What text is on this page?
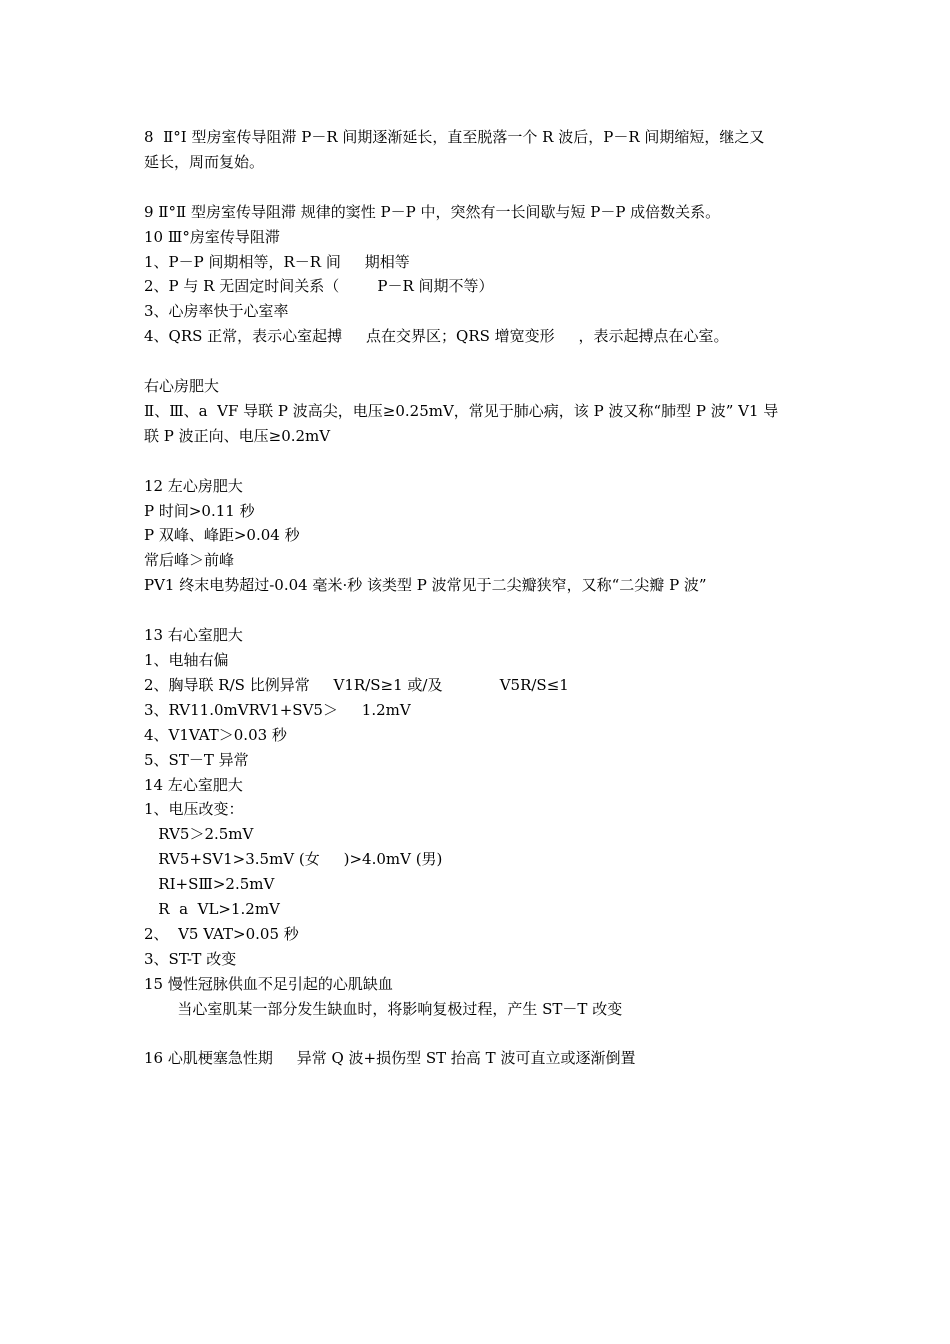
8  Ⅱ°Ⅰ 型房室传导阻滞 P－R 间期逐渐延长，直至脱落一个 R 波后，P－R 间期缩短，继之又
延长，周而复始。
9 Ⅱ°Ⅱ 型房室传导阻滞 规律的窦性 P－P 中，突然有一长间歇与短 P－P 成倍数关系。
10 Ⅲ°房室传导阻滞
1、P－P 间期相等，R－R 间     期相等
2、P 与 R 无固定时间关系（        P－R 间期不等）
3、心房率快于心室率
4、QRS 正常，表示心室起搏     点在交界区；QRS 增宽变形     ，表示起搏点在心室。
右心房肥大
Ⅱ、Ⅲ、a  VF 导联 P 波高尖，电压≥0.25mV，常见于肺心病，该 P 波又称“肺型 P 波” V1 导
联 P 波正向、电压≥0.2mV
12 左心房肥大
P 时间>0.11 秒
P 双峰、峰距>0.04 秒
常后峰＞前峰
PV1 终末电势超过-0.04 毫米·秒 该类型 P 波常见于二尖瓣狭窄，又称“二尖瓣 P 波”
13 右心室肥大
1、电轴右偏
2、胸导联 R/S 比例异常     V1R/S≥1 或/及            V5R/S≤1
3、RV11.0mVRV1+SV5＞     1.2mV
4、V1VAT＞0.03 秒
5、ST－T 异常
14 左心室肥大
1、电压改变：
RV5＞2.5mV
RV5+SV1>3.5mV (女     )>4.0mV (男)
RⅠ+SⅢ>2.5mV
R  a  VL>1.2mV
2、  V5 VAT>0.05 秒
3、ST-T 改变
15 慢性冠脉供血不足引起的心肌缺血
当心室肌某一部分发生缺血时，将影响复极过程，产生 ST－T 改变
16 心肌梗塞急性期     异常 Q 波+损伤型 ST 抬高 T 波可直立或逐渐倒置
